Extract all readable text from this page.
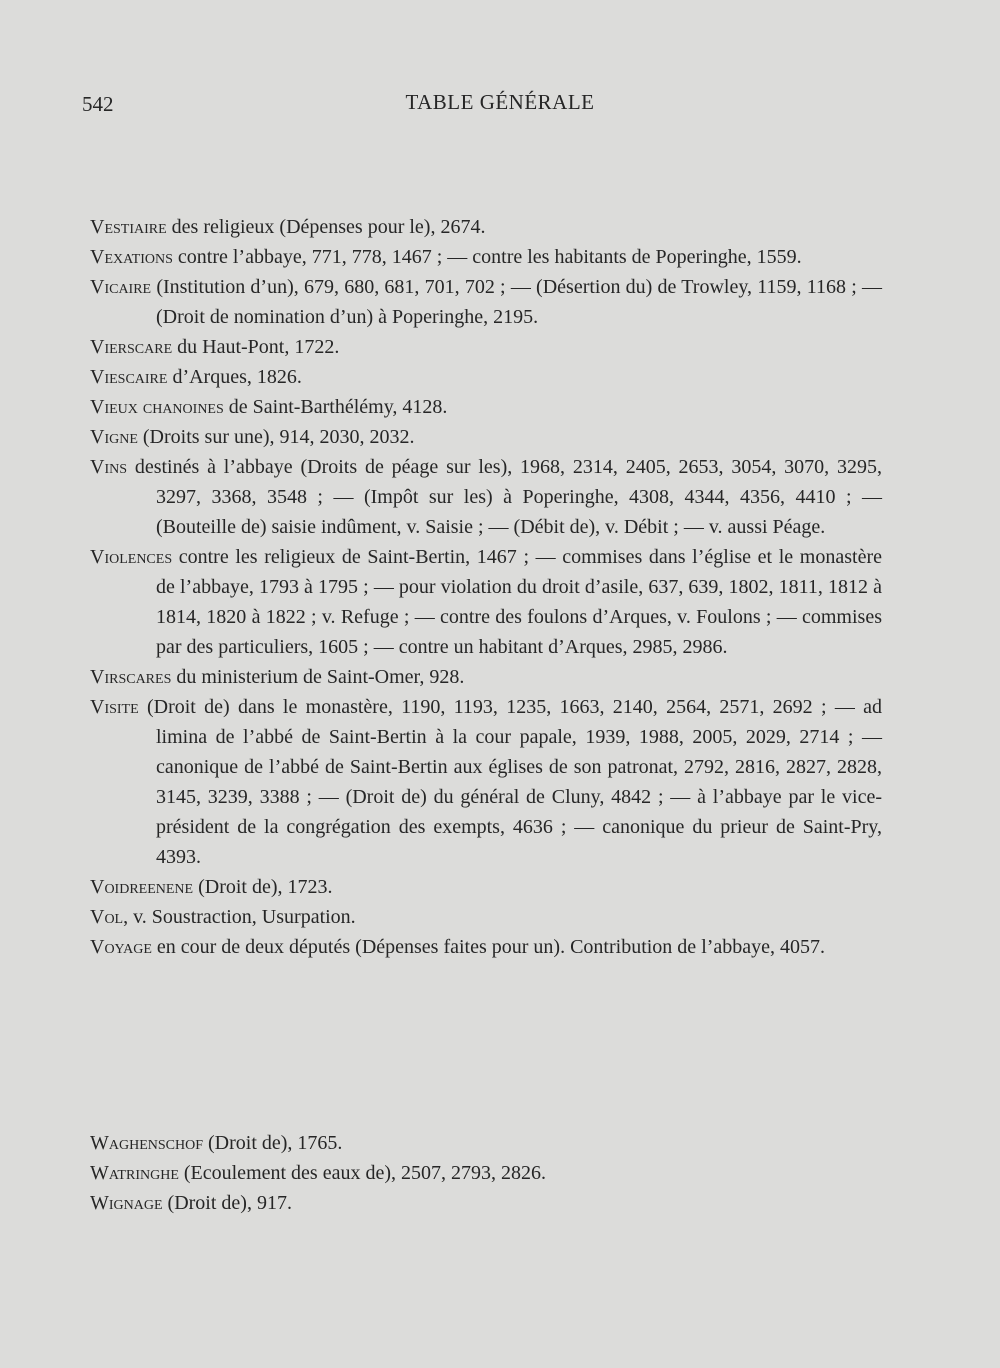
542	TABLE GÉNÉRALE

Vestiaire des religieux (Dépenses pour le), 2674.

Vexations contre l’abbaye, 771, 778, 1467 ; — contre les habitants de Poperinghe, 1559.

Vicaire (Institution d’un), 679, 680, 681, 701, 702 ; — (Désertion du) de Trowley, 1159, 1168 ; — (Droit de nomination d’un) à Poperinghe, 2195.

Vierscare du Haut-Pont, 1722.

Viescaire d’Arques, 1826.

Vieux chanoines de Saint-Barthélémy, 4128.

Vigne (Droits sur une), 914, 2030, 2032.

Vins destinés à l’abbaye (Droits de péage sur les), 1968, 2314, 2405, 2653, 3054, 3070, 3295, 3297, 3368, 3548 ; — (Impôt sur les) à Poperinghe, 4308, 4344, 4356, 4410 ; — (Bouteille de) saisie indûment, v. Saisie ; — (Débit de), v. Débit ; — v. aussi Péage.

Violences contre les religieux de Saint-Bertin, 1467 ; — commises dans l’église et le monastère de l’abbaye, 1793 à 1795 ; — pour violation du droit d’asile, 637, 639, 1802, 1811, 1812 à 1814, 1820 à 1822 ; v. Refuge ; — contre des foulons d’Arques, v. Foulons ; — commises par des particuliers, 1605 ; — contre un habitant d’Arques, 2985, 2986.

Virscares du ministerium de Saint-Omer, 928.

Visite (Droit de) dans le monastère, 1190, 1193, 1235, 1663, 2140, 2564, 2571, 2692 ; — ad limina de l’abbé de Saint-Bertin à la cour papale, 1939, 1988, 2005, 2029, 2714 ; — canonique de l’abbé de Saint-Bertin aux églises de son patronat, 2792, 2816, 2827, 2828, 3145, 3239, 3388 ; — (Droit de) du général de Cluny, 4842 ; — à l’abbaye par le vice-président de la congrégation des exempts, 4636 ; — canonique du prieur de Saint-Pry, 4393.

Voidreenene (Droit de), 1723.

Vol, v. Soustraction, Usurpation.

Voyage en cour de deux députés (Dépenses faites pour un). Contribution de l’abbaye, 4057.

Waghenschof (Droit de), 1765.

Watringhe (Ecoulement des eaux de), 2507, 2793, 2826.

Wignage (Droit de), 917.
